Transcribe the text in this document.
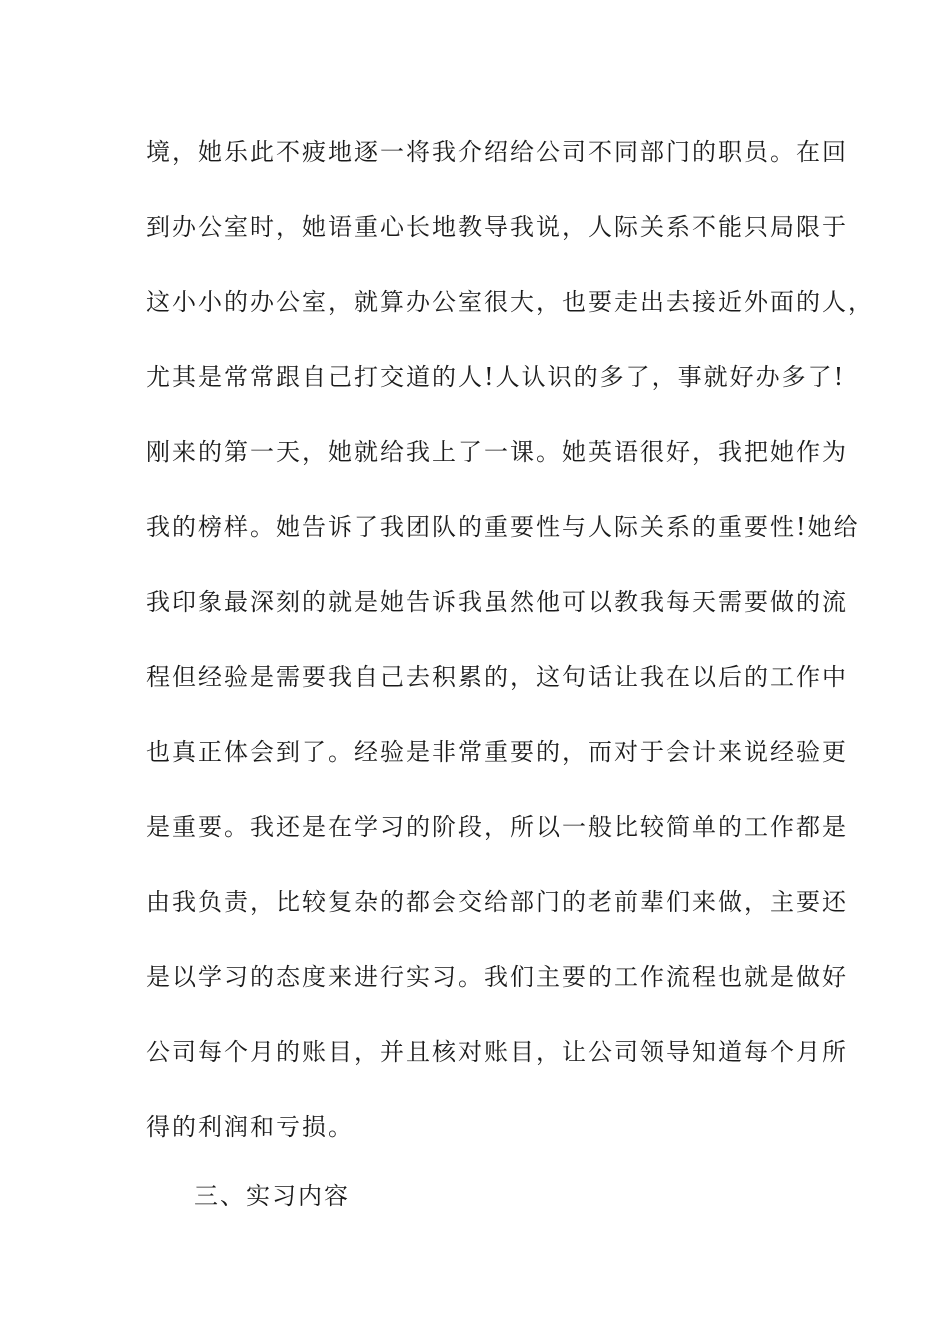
境，她乐此不疲地逐一将我介绍给公司不同部门的职员。在回
到办公室时，她语重心长地教导我说，人际关系不能只局限于
这小小的办公室，就算办公室很大，也要走出去接近外面的人，
尤其是常常跟自己打交道的人!人认识的多了，事就好办多了!
刚来的第一天，她就给我上了一课。她英语很好，我把她作为
我的榜样。她告诉了我团队的重要性与人际关系的重要性!她给
我印象最深刻的就是她告诉我虽然他可以教我每天需要做的流
程但经验是需要我自己去积累的，这句话让我在以后的工作中
也真正体会到了。经验是非常重要的，而对于会计来说经验更
是重要。我还是在学习的阶段，所以一般比较简单的工作都是
由我负责，比较复杂的都会交给部门的老前辈们来做，主要还
是以学习的态度来进行实习。我们主要的工作流程也就是做好
公司每个月的账目，并且核对账目，让公司领导知道每个月所
得的利润和亏损。
三、实习内容
